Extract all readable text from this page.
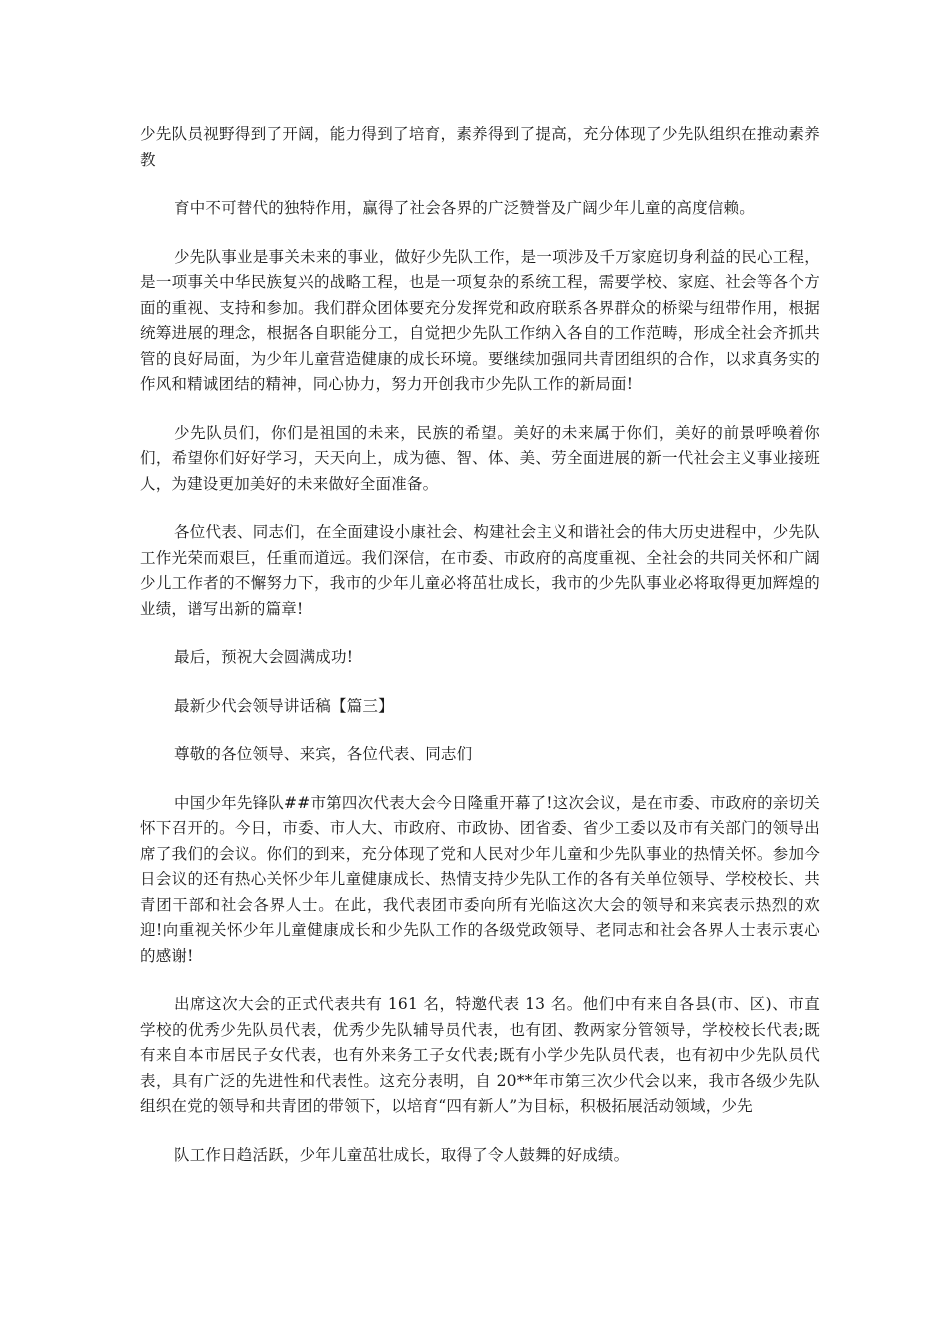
少先队员视野得到了开阔，能力得到了培育，素养得到了提高，充分体现了少先队组织在推动素养教

育中不可替代的独特作用，赢得了社会各界的广泛赞誉及广阔少年儿童的高度信赖。

少先队事业是事关未来的事业，做好少先队工作，是一项涉及千万家庭切身利益的民心工程，是一项事关中华民族复兴的战略工程，也是一项复杂的系统工程，需要学校、家庭、社会等各个方面的重视、支持和参加。我们群众团体要充分发挥党和政府联系各界群众的桥梁与纽带作用，根据统筹进展的理念，根据各自职能分工，自觉把少先队工作纳入各自的工作范畴，形成全社会齐抓共管的良好局面，为少年儿童营造健康的成长环境。要继续加强同共青团组织的合作，以求真务实的作风和精诚团结的精神，同心协力，努力开创我市少先队工作的新局面!

少先队员们，你们是祖国的未来，民族的希望。美好的未来属于你们，美好的前景呼唤着你们，希望你们好好学习，天天向上，成为德、智、体、美、劳全面进展的新一代社会主义事业接班人，为建设更加美好的未来做好全面准备。

各位代表、同志们，在全面建设小康社会、构建社会主义和谐社会的伟大历史进程中，少先队工作光荣而艰巨，任重而道远。我们深信，在市委、市政府的高度重视、全社会的共同关怀和广阔少儿工作者的不懈努力下，我市的少年儿童必将茁壮成长，我市的少先队事业必将取得更加辉煌的业绩，谱写出新的篇章!

最后，预祝大会圆满成功!

最新少代会领导讲话稿【篇三】

尊敬的各位领导、来宾，各位代表、同志们

中国少年先锋队##市第四次代表大会今日隆重开幕了!这次会议，是在市委、市政府的亲切关怀下召开的。今日，市委、市人大、市政府、市政协、团省委、省少工委以及市有关部门的领导出席了我们的会议。你们的到来，充分体现了党和人民对少年儿童和少先队事业的热情关怀。参加今日会议的还有热心关怀少年儿童健康成长、热情支持少先队工作的各有关单位领导、学校校长、共青团干部和社会各界人士。在此，我代表团市委向所有光临这次大会的领导和来宾表示热烈的欢迎!向重视关怀少年儿童健康成长和少先队工作的各级党政领导、老同志和社会各界人士表示衷心的感谢!

出席这次大会的正式代表共有 161 名，特邀代表 13 名。他们中有来自各县(市、区)、市直学校的优秀少先队员代表，优秀少先队辅导员代表，也有团、教两家分管领导，学校校长代表;既有来自本市居民子女代表，也有外来务工子女代表;既有小学少先队员代表，也有初中少先队员代表，具有广泛的先进性和代表性。这充分表明，自 20**年市第三次少代会以来，我市各级少先队组织在党的领导和共青团的带领下，以培育“四有新人”为目标，积极拓展活动领域，少先

队工作日趋活跃，少年儿童茁壮成长，取得了令人鼓舞的好成绩。
